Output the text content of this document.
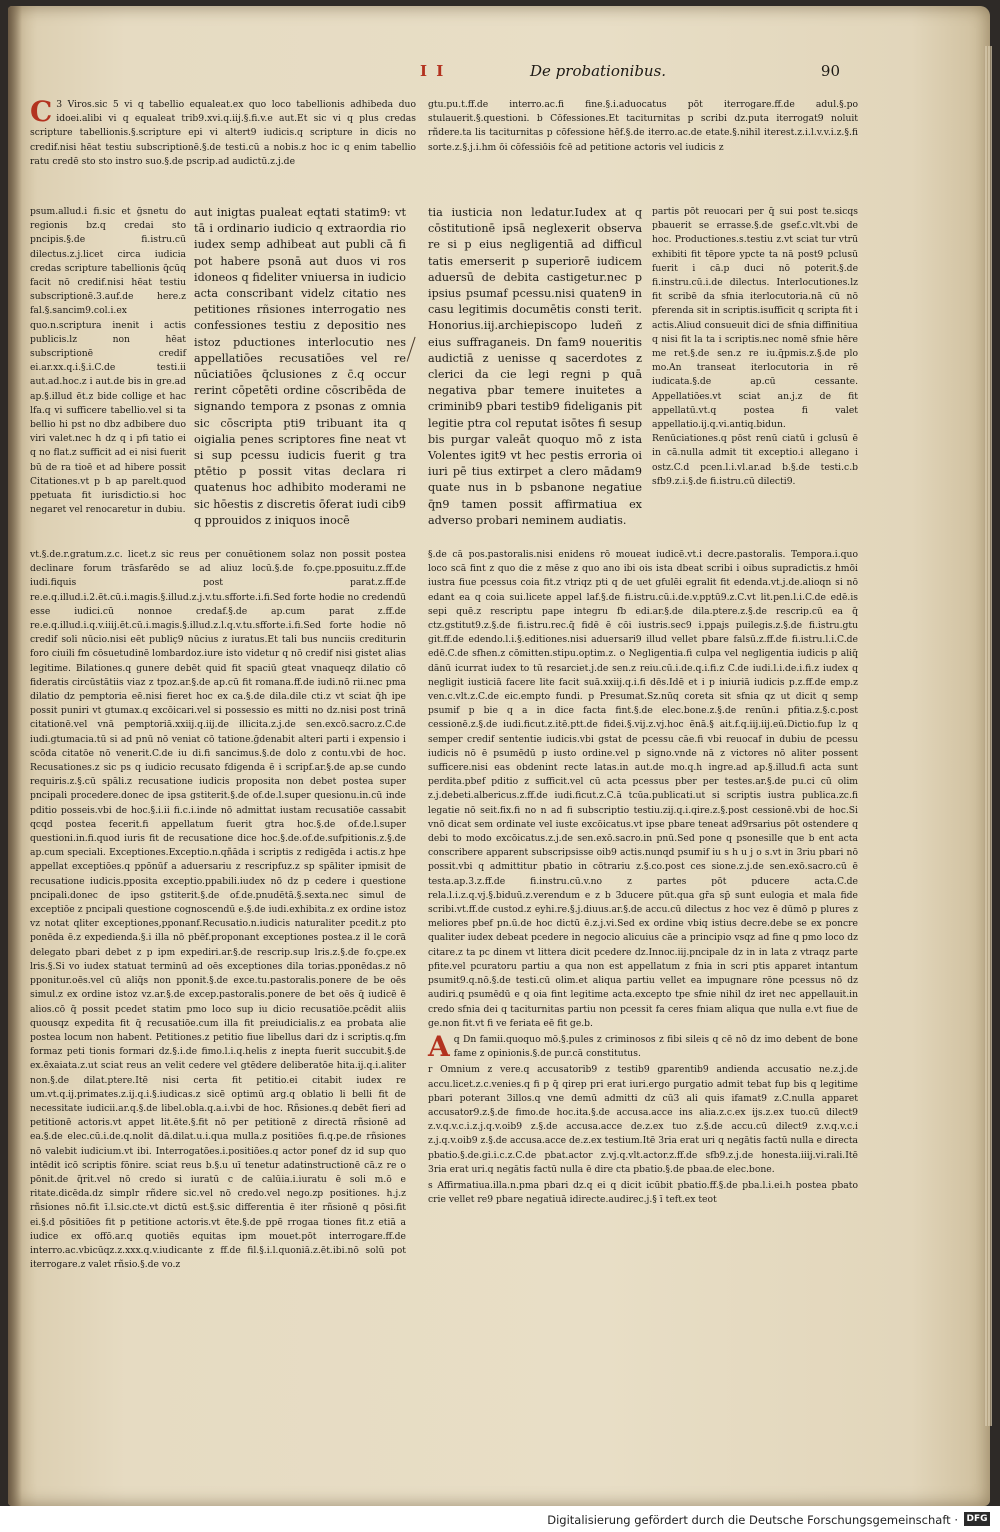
I I	De probationibus.	90

C 3 Viros.sic 5 vi q tabellio equaleat.ex quo loco tabellionis adhibeda duo idoei.alibi vi q equaleat trib9.xvi.q.iij.§.fi.v.e aut.Et sic vi q plus credas scripture tabellionis.§.scripture epi vi altert9 iudicis.q scripture in dicis no credif.nisi hēat testiu subscriptionē.§.de testi.cū a nobis.z hoc ic q enim tabellio ratu credē sto sto instro suo.§.de pscrip.ad audictū.z.j.de

psum.allud.i fi.sic et ḡsnetu do regionis bz.q credai sto pncipis.§.de fi.istru.cū dilectus.z.j.licet circa iudicia credas scripture tabellionis q̄cūq facit nō credif.nisi hēat testiu subscriptionē.3.auf.de here.z fal.§.sancim9.col.i.ex quo.n.scriptura inenit i actis publicis.lz non hēat subscriptionē credif ei.ar.xx.q.i.§.i.C.de testi.ii aut.ad.hoc.z i aut.de bis in gre.ad ap.§.illud ēt.z bide collige et hac lfa.q vi sufficere tabellio.vel si ta bellio hi pst no dbz adbibere duo viri valet.nec h dz q i pfi tatio ei q no flat.z sufficit ad ei nisi fuerit bū de ra tioē et ad hibere possit Citationes.vt p b ap parelt.quod ppetuata fit iurisdictio.si hoc negaret vel renocaretur in dubiu.

aut inigtas pualeat eqtati statim9: vt tā i ordinario iudicio q extraordia rio iudex semp adhibeat aut publi cā fi pot habere psonā aut duos vi ros idoneos q fideliter vniuersa in iudicio acta conscribant videlz citatio nes petitiones rñsiones interrogatio nes confessiones testiu z depositio nes istoz pductiones interlocutio nes appellatiōes recusatiōes vel re nūciatiōes q̄clusiones z c̄.q occur rerint cōpetēti ordine cōscribēda de signando tempora z psonas z omnia sic cōscripta pti9 tribuant ita q oigialia penes scriptores fine neat vt si sup pcessu iudicis fuerit g tra ptētio p possit vitas declara ri quatenus hoc adhibito moderami ne sic hōestis z discretis ōferat iudi cib9 q pprouidos z iniquos inocē

tia iusticia non ledatur.Iudex at q cōstitutionē ipsā neglexerit observa re si p eius negligentiā ad difficul tatis emerserit p superiorē iudicem aduersū de debita castigetur.nec p ipsius psumaf pcessu.nisi quaten9 in casu legitimis documētis consti terit. Honorius.iij.archiepiscopo ludeñ z eius suffraganeis. Dn fam9 noueritis audictiā z uenisse q sacerdotes z clerici da cie legi regni p quā negativa pbar temere inuitetes a criminib9 pbari testib9 fideliganis pit legitie ptra col reputat isōtes fi sesup bis purgar valeāt quoquo mō z ista Volentes igit9 vt hec pestis erroria oi iuri pē tius extirpet a clero mādam9 quate nus in b psbanone negatiue q̄n9 tamen possit affirmatiua ex adverso probari neminem audiatis.

gtu.pu.t.ff.de interro.ac.fi fine.§.i.aduocatus pōt iterrogare.ff.de adul.§.po stulauerit.§.questioni. b Cōfessiones.Et taciturnitas p scribi dz.puta iterrogat9 noluit rñdere.ta lis taciturnitas p cōfessione hēf.§.de iterro.ac.de etate.§.nihil iterest.z.i.l.v.v.i.z.§.fi sorte.z.§.j.i.hm ōi cōfessiōis fcē ad petitione actoris vel iudicis z

partis pōt reuocari per q̄ sui post te.sicqs pbauerit se errasse.§.de gsef.c.vlt.vbi de hoc. Productiones.s.testiu z.vt sciat tur vtrū exhibiti fit tēpore ypcte ta nā post9 pclusū fuerit i cā.p duci nō poterit.§.de fi.instru.cū.i.de dilectus. Interlocutiones.lz fit scribē da sfnia iterlocutoria.nā cū nō pferenda sit in scriptis.isufficit q scripta fit i actis.Aliud consueuit dici de sfnia diffinitiua q nisi fit la ta i scriptis.nec nomē sfnie hēre me ret.§.de sen.z re iu.q̄pmis.z.§.de plo mo.An transeat iterlocutoria in rē iudicata.§.de ap.cū cessante. Appellatiōes.vt sciat an.j.z de fit appellatū.vt.q postea fi valet appellatio.ij.q.vi.antiq.bidun. Renūciationes.q pōst renū ciatū i gclusū ē in cā.nulla admit tit exceptio.i allegano i ostz.C.d pcen.l.i.vl.ar.ad b.§.de testi.c.b sfb9.z.i.§.de fi.istru.cū dilecti9.

vt.§.de.r.gratum.z.c. licet.z sic reus per conuētionem solaz non possit postea declinare forum trāsfarēdo se ad aliuz locū.§.de fo.çpe.pposuitu.z.ff.de iudi.fiquis post parat.z.ff.de re.e.q.illud.i.2.ēt.cū.i.magis.§.illud.z.j.v.tu.sfforte.i.fi.Sed forte hodie no credendū esse iudici.cū nonnoe credaf.§.de ap.cum parat z.ff.de re.e.q.illud.i.q.v.iiij.ēt.cū.i.magis.§.illud.z.l.q.v.tu.sfforte.i.fi.Sed forte hodie nō credif soli nūcio.nisi eēt publiç9 nūcius z iuratus.Et tali bus nunciis crediturin foro ciuili fm cōsuetudinē lombardoz.iure isto videtur q nō credif nisi gistet alias legitime. Bilationes.q gunere debēt quid fit spaciū gteat vnaqueqz dilatio cō fideratis circūstātiis viaz z tpoz.ar.§.de ap.cū fit romana.ff.de iudi.nō rii.nec pma dilatio dz pemptoria eē.nisi fieret hoc ex ca.§.de dila.dile cti.z vt sciat q̄h ipe possit puniri vt gtumax.q excōicari.vel si possessio es mitti no dz.nisi post trinā citationē.vel vnā pemptoriā.xxiij.q.iij.de illicita.z.j.de sen.excō.sacro.z.C.de iudi.gtumacia.tū si ad pnū nō veniat cō tatione.ḡdenabit alteri parti i expensio i scōda citatōe nō venerit.C.de iu di.fi sancimus.§.de dolo z contu.vbi de hoc. Recusationes.z sic ps q iudicio recusato fdigenda ē i scripf.ar.§.de ap.se cundo requiris.z.§.cū spāli.z recusatione iudicis proposita non debet postea super pncipali procedere.donec de ipsa gstiterit.§.de of.de.l.super quesionu.in.cū inde pditio posseis.vbi de hoc.§.i.ii fi.c.i.inde nō admittat iustam recusatiōe cassabit qcqd postea fecerit.fi appellatum fuerit gtra hoc.§.de of.de.l.super questioni.in.fi.quod iuris fit de recusatione dice hoc.§.de.of.de.sufpitionis.z.§.de ap.cum speciali. Exceptiones.Exceptio.n.qñāda i scriptis z redigēda i actis.z hpe appellat exceptiōes.q ppōnūf a aduersariu z rescripfuz.z sp spāliter ipmisit de recusatione iudicis.pposita exceptio.ppabili.iudex nō dz p cedere i questione pncipali.donec de ipso gstiterit.§.de of.de.pnudētā.§.sexta.nec simul de exceptiōe z pncipali questione cognoscendū e.§.de iudi.exhibita.z ex ordine istoz vz notat qliter exceptiones,pponanf.Recusatio.n.iudicis naturaliter pcedit.z pto ponēda ē.z expedienda.§.i illa nō pbēf.proponant exceptiones postea.z il le corā delegato pbari debet z p ipm expediri.ar.§.de rescrip.sup lris.z.§.de fo.çpe.ex lris.§.Si vo iudex statuat terminū ad oēs exceptiones dila torias.pponēdas.z nō pponitur.oēs.vel cū aliq̄s non pponit.§.de exce.tu.pastoralis.ponere de be oēs simul.z ex ordine istoz vz.ar.§.de excep.pastoralis.ponere de bet oēs q̄ iudicē ē alios.cō q̄ possit pcedet statim pmo loco sup iu dicio recusatiōe.pcēdit aliis quousqz expedita fit q̄ recusatiōe.cum illa fit preiudicialis.z ea probata alie postea locum non habent. Petitiones.z petitio fiue libellus dari dz i scriptis.q.fm formaz peti tionis formari dz.§.i.de fimo.l.i.q.helis z inepta fuerit succubit.§.de ex.ēxaiata.z.ut sciat reus an velit cedere vel gtēdere deliberatōe hita.ij.q.i.aliter non.§.de dilat.ptere.Itē nisi certa fit petitio.ei citabit iudex re um.vt.q.ij.primates.z.ij.q.i.§.iudicas.z sicē optimū arg.q oblatio li belli fit de necessitate iudicii.ar.q.§.de libel.obla.q.a.i.vbi de hoc. Rñsiones.q debēt fieri ad petitionē actoris.vt appet lit.ēte.§.fit nō per petitionē z directā rñsionē ad ea.§.de elec.cū.i.de.q.nolit dā.dilat.u.i.qua mulla.z positiōes fi.q.pe.de rñsiones nō valebit iudicium.vt ibi. Interrogatōes.i.positiōes.q actor ponef dz id sup quo intēdit icō scriptis fōnire. sciat reus b.§.u uī tenetur adatinstructionē cā.z re o pōnit.de q̄rit.vel nō credo si iuratū c de calūia.i.iuratu ē soli m.ō e ritate.dicēda.dz simplr rñdere sic.vel nō credo.vel nego.zp positiones. h.j.z rñsiones nō.fit ī.l.sic.cte.vt dictū est.§.sic differentia ē iter rñsionē q pōsi.fit ei.§.d pōsitiōes fit p petitione actoris.vt ēte.§.de ppē rrogaa tiones fit.z etiā a iudice ex offō.ar.q quotiēs equitas ipm mouet.pōt interrogare.ff.de interro.ac.vbicūqz.z.xxx.q.v.iudicante z ff.de fil.§.i.l.quoniā.z.ēt.ibi.nō solū pot iterrogare.z valet rñsio.§.de vo.z

§.de cā pos.pastoralis.nisi enidens rō moueat iudicē.vt.i decre.pastoralis. Tempora.i.quo loco scā fint z quo die z mēse z quo ano ibi ois ista dbeat scribi i oibus supradictis.z hmōi iustra fiue pcessus coia fit.z vtriqz pti q de uet gfulēi egralit fit edenda.vt.j.de.alioqn si nō edant ea q coia sui.licete appel laf.§.de fi.istru.cū.i.de.v.pptū9.z.C.vt lit.pen.l.i.C.de edē.is sepi quē.z rescriptu pape integru fb edi.ar.§.de dila.ptere.z.§.de rescrip.cū ea q̄ ctz.gstitut9.z.§.de fi.istru.rec.q̄ fidē ē cōi iustris.sec9 i.ppajs puilegis.z.§.de fi.istru.gtu git.ff.de edendo.l.i.§.editiones.nisi aduersari9 illud vellet pbare falsū.z.ff.de fi.istru.l.i.C.de edē.C.de sfhen.z cōmitten.stipu.optim.z. o Negligentia.fi culpa vel negligentia iudicis p aliq̄ dānū icurrat iudex to tū resarciet.j.de sen.z reiu.cū.i.de.q.i.fi.z C.de iudi.l.i.de.i.fi.z iudex q negligit iusticiā facere lite facit suā.xxiij.q.i.fi dēs.Idē et i p iniuriā iudicis p.z.ff.de emp.z ven.c.vlt.z.C.de eic.empto fundi. p Presumat.Sz.nūq coreta sit sfnia qz ut dicit q semp psumif p bie q a in dice facta fint.§.de elec.bone.z.§.de renūn.i pfitia.z.§.c.post cessionē.z.§.de iudi.ficut.z.itē.ptt.de fidei.§.vij.z.vj.hoc ēnā.§ ait.f.q.iij.iij.eū.Dictio.fup lz q semper credif sententie iudicis.vbi gstat de pcessu cāe.fi vbi reuocaf in dubiu de pcessu iudicis nō ē psumēdū p iusto ordine.vel p signo.vnde nā z victores nō aliter possent sufficere.nisi eas obdenint recte latas.in aut.de mo.q.h ingre.ad ap.§.illud.fi acta sunt perdita.pbef pditio z sufficit.vel cū acta pcessus pber per testes.ar.§.de pu.ci cū olim z.j.debeti.albericus.z.ff.de iudi.ficut.z.C.ā tcūa.publicati.ut si scriptis iustra publica.zc.fi legatie nō seit.fix.fi no n ad fi subscriptio testiu.zij.q.i.qire.z.§.post cessionē.vbi de hoc.Si vnō dicat sem ordinate vel iuste excōicatus.vt ipse pbare teneat ad9rsarius pōt ostendere q debi to modo excōicatus.z.j.de sen.exō.sacro.in pnū.Sed pone q psonesille que b ent acta conscribere apparent subscripsisse oib9 actis.nunqd psumif iu s h u j o s.vt in 3riu pbari nō possit.vbi q admittitur pbatio in cōtrariu z.§.co.post ces sione.z.j.de sen.exō.sacro.cū ē testa.ap.3.z.ff.de fi.instru.cū.v.no z partes pōt pducere acta.C.de rela.l.i.z.q.vj.§.biduū.z.verendum e z b 3ducere pūt.qua gr̄a sp̄ sunt eulogia et mala fide scribi.vt.ff.de custod.z eyhi.re.§.j.diuus.ar.§.de accu.cū dilectus z hoc vez ē dūmō p plures z meliores pbef pn.ū.de hoc dictū ē.z.j.vi.Sed ex ordine vbiq istius decre.debe se ex poncre qualiter iudex debeat pcedere in negocio alicuius cāe a principio vsqz ad fine q pmo loco dz citare.z ta pc dinem vt littera dicit pcedere dz.Innoc.iij.pncipale dz in in lata z vtraqz parte pfite.vel pcuratoru partiu a qua non est appellatum z fnia in scri ptis apparet intantum psumit9.q.nō.§.de testi.cū olim.et aliqua partiu vellet ea impugnare rōne pcessus nō dz audiri.q psumēdū e q oia fint legitime acta.excepto tpe sfnie nihil dz iret nec appellauit.in credo sfnia dei q taciturnitas partiu non pcessit fa ceres fniam aliqua que nulla e.vt fiue de ge.non fit.vt fi ve feriata eē fit ge.b.

Aq Dn famii.quoquo mō.§.pules z criminosos z fibi sileis q cē nō dz imo debent de bone fame z opinionis.§.de pur.cā constitutus.

r Omnium z vere.q accusatorib9 z testib9 gparentib9 andienda accusatio ne.z.j.de accu.licet.z.c.venies.q fi p q̄ qirep pri erat iuri.ergo purgatio admit tebat fup bis q legitime pbari poterant 3illos.q vne demū admitti dz cū3 ali quis ifamat9 z.C.nulla apparet accusator9.z.§.de fimo.de hoc.ita.§.de accusa.acce ins alia.z.c.ex ijs.z.ex tuo.cū dilect9 z.v.q.v.c.i.z.j.q.v.oib9 z.§.de accusa.acce de.z.ex tuo z.§.de accu.cū dilect9 z.v.q.v.c.i z.j.q.v.oib9 z.§.de accusa.acce de.z.ex testium.Itē 3ria erat uri q negātis factū nulla e directa pbatio.§.de.gi.i.c.z.C.de pbat.actor z.vj.q.vlt.actor.z.ff.de sfb9.z.j.de honesta.iiij.vi.rali.Itē 3ria erat uri.q negātis factū nulla ē dire cta pbatio.§.de pbaa.de elec.bone.

s Affirmatiua.illa.n.pma pbari dz.q ei q dicit icūbit pbatio.ff.§.de pba.l.i.ei.h postea pbato crie vellet re9 pbare negatiuā idirecte.audirec.j.§ ī teft.ex teot

Digitalisierung gefördert durch die Deutsche Forschungsgemeinschaft · DFG
